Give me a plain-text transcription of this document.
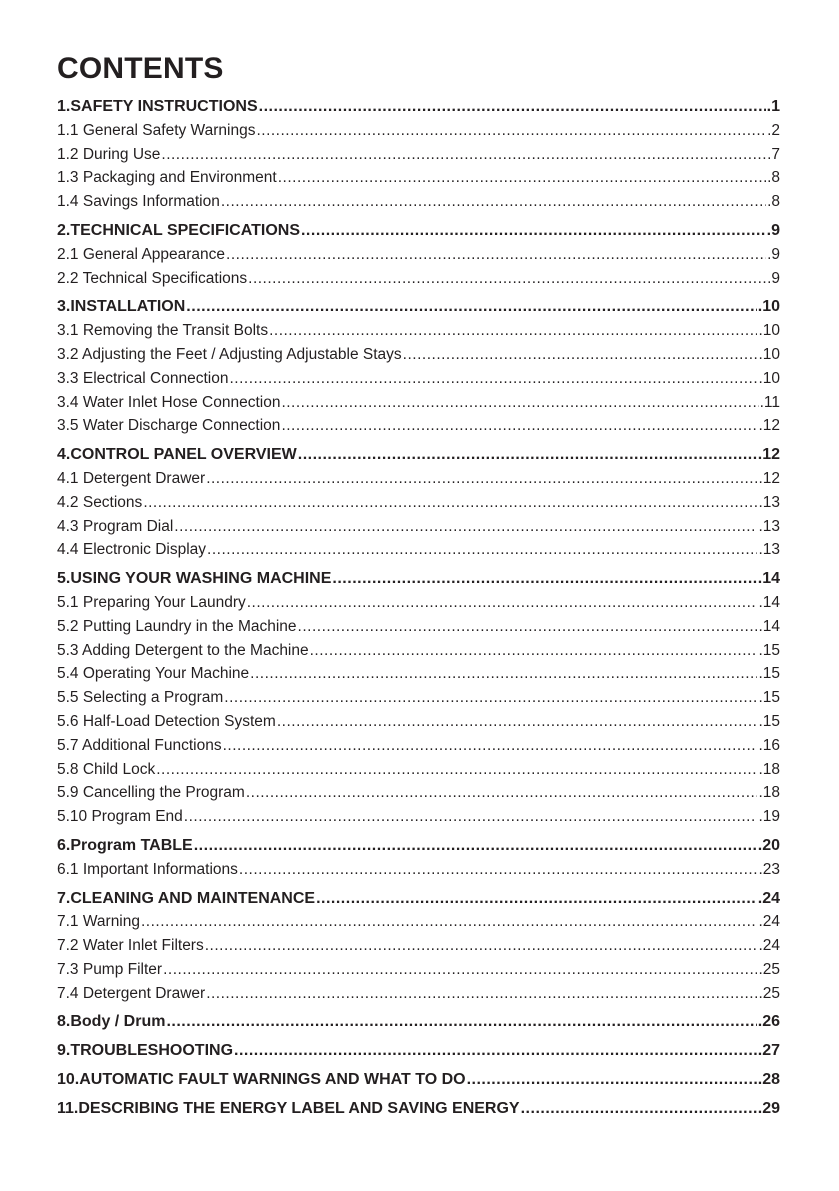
CONTENTS
1.SAFETY INSTRUCTIONS .....	.1
1.1 General Safety Warnings .....	.2
1.2 During Use .....	.7
1.3 Packaging and Environment .....	.8
1.4 Savings Information .....	.8
2.TECHNICAL SPECIFICATIONS .....	.9
2.1 General Appearance .....	.9
2.2 Technical Specifications .....	.9
3.INSTALLATION .....	.10
3.1 Removing the Transit Bolts .....	.10
3.2 Adjusting the Feet / Adjusting Adjustable Stays .....	.10
3.3 Electrical Connection .....	.10
3.4 Water Inlet Hose Connection .....	.11
3.5 Water Discharge Connection .....	.12
4.CONTROL PANEL OVERVIEW .....	.12
4.1 Detergent Drawer .....	.12
4.2 Sections .....	.13
4.3 Program Dial .....	.13
4.4 Electronic Display .....	.13
5.USING YOUR WASHING MACHINE .....	.14
5.1 Preparing Your Laundry .....	.14
5.2 Putting Laundry in the Machine .....	.14
5.3 Adding Detergent to the Machine .....	.15
5.4 Operating Your Machine .....	.15
5.5 Selecting a Program .....	.15
5.6 Half-Load Detection System .....	.15
5.7 Additional Functions .....	.16
5.8 Child Lock .....	.18
5.9 Cancelling the Program .....	.18
5.10 Program End .....	.19
6.Program TABLE .....	.20
6.1 Important Informations .....	.23
7.CLEANING AND MAINTENANCE .....	.24
7.1 Warning .....	.24
7.2 Water Inlet Filters .....	.24
7.3 Pump Filter .....	.25
7.4 Detergent Drawer .....	.25
8.Body / Drum .....	.26
9.TROUBLESHOOTING .....	.27
10.AUTOMATIC FAULT WARNINGS AND WHAT TO DO .....	.28
11.DESCRIBING THE ENERGY LABEL AND SAVING ENERGY .....	.29
